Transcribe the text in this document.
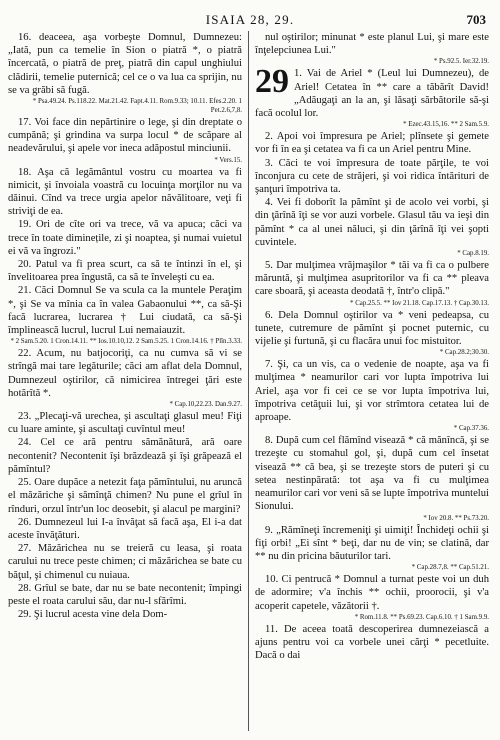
ISAIA 28, 29.	703

16. deaceea, aşa vorbeşte Domnul, Dumnezeu: „Iată, pun ca temelie în Sion o piatră *, o piatră încercată, o piatră de preţ, piatră din capul unghiului clădirii, temelie puternică; cel ce o va lua ca sprijin, nu se va grăbi să fugă.

* Psa.49.24. Ps.118.22. Mat.21.42. Fapt.4.11. Rom.9.33; 10.11. Efes.2.20. 1 Pet.2.6,7,8.

17. Voi face din nepărtinire o lege, şi din dreptate o cumpănă; şi grindina va surpa locul * de scăpare al neadevărului, şi apele vor ineca adăpostul minciunii.

* Vers.15.

18. Aşa că legământul vostru cu moartea va fi nimicit, şi învoiala voastră cu locuinţa morţilor nu va dăinui. Cînd va trece urgia apelor năvălitoare, veţi fi striviţi de ea.

19. Ori de cîte ori va trece, vă va apuca; căci va trece în toate diminețile, zi şi noaptea, şi numai vuietul ei vă va îngrozi."

20. Patul va fi prea scurt, ca să te întinzi în el, şi învelitoarea prea îngustă, ca să te înveleşti cu ea.

21. Căci Domnul Se va scula ca la muntele Peraţim *, şi Se va mînia ca în valea Gabaonului **, ca să-Şi facă lucrarea, lucrarea † Lui ciudată, ca să-Şi împlinească lucrul, lucrul Lui nemaiauzit.

* 2 Sam.5.20. 1 Cron.14.11. ** Ios.10.10,12. 2 Sam.5.25. 1 Cron.14.16. † Plîn.3.33.

22. Acum, nu batjocoriţi, ca nu cumva să vi se strîngă mai tare legăturile; căci am aflat dela Domnul, Dumnezeul oştirilor, că nimicirea întregei ţări este hotărîtă *.

* Cap.10,22.23. Dan.9.27.

23. „Plecaţi-vă urechea, şi ascultaţi glasul meu! Fiţi cu luare aminte, şi ascultaţi cuvîntul meu!

24. Cel ce ară pentru sămănătură, ară oare necontenit? Necontenit îşi brăzdează şi îşi grăpează el pămîntul?

25. Oare dupăce a netezit faţa pămîntului, nu aruncă el măzăriche şi sămînţă chimen? Nu pune el grîul în rînduri, orzul într'un loc deosebit, şi alacul pe margini?

26. Dumnezeul lui I-a învăţat să facă aşa, El i-a dat aceste învăţături.

27. Măzărichea nu se treieră cu leasa, şi roata carului nu trece peste chimen; ci măzărichea se bate cu băţul, şi chimenul cu nuiaua.

28. Grîul se bate, dar nu se bate necontenit; împingi peste el roata carului său, dar nu-l sfărîmi.

29. Şi lucrul acesta vine dela Dom-

nul oştirilor; minunat * este planul Lui, şi mare este înţelepciunea Lui."

* Ps.92.5. Ier.32.19.
29 1. Vai de Ariel * (Leul lui Dumnezeu), de Ariel! Cetatea în ** care a tăbărît David! „Adăugaţi an la an, şi lăsaţi sărbătorile să-şi facă ocolul lor.

* Ezec.43.15,16. ** 2 Sam.5.9.

2. Apoi voi împresura pe Ariel; plînsete şi gemete vor fi în ea şi cetatea va fi ca un Ariel pentru Mine.

3. Căci te voi împresura de toate părţile, te voi înconjura cu cete de străjeri, şi voi ridica întărituri de şanţuri împotriva ta.

4. Vei fi doborît la pămînt şi de acolo vei vorbi, şi din ţărînă îţi se vor auzi vorbele. Glasul tău va ieşi din pămînt * ca al unei năluci, şi din ţărînă îţi vei şopti cuvintele.

* Cap.8.19.

5. Dar mulţimea vrăjmaşilor * tăi va fi ca o pulbere măruntă, şi mulţimea asupritorilor va fi ca ** pleava care sboară, şi aceasta deodată †, într'o clipă."

* Cap.25.5. ** Iov 21.18. Cap.17.13. † Cap.30.13.

6. Dela Domnul oştirilor va * veni pedeapsa, cu tunete, cutremure de pămînt şi pocnet puternic, cu vijelie şi furtună, şi cu flacăra unui foc mistuitor.

* Cap.28.2;30.30.

7. Şi, ca un vis, ca o vedenie de noapte, aşa va fi mulţimea * neamurilor cari vor lupta împotriva lui Ariel, aşa vor fi cei ce se vor lupta împotriva lui, împotriva cetăţuii lui, şi vor strîmtora cetatea lui de aproape.

* Cap.37.36.

8. După cum cel flămînd visează * că mănîncă, şi se trezeşte cu stomahul gol, şi, după cum cel însetat visează ** că bea, şi se trezeşte stors de puteri şi cu setea nestinpărată: tot aşa va fi cu mulţimea neamurilor cari vor veni să se lupte împotriva muntelui Sionului.

* Iov 20.8. ** Ps.73.20.

9. „Rămîneţi încremeniţi şi uimiţi! Închideţi ochii şi fiţi orbi! „Ei sînt * beţi, dar nu de vin; se clatină, dar ** nu din pricina băuturilor tari.

* Cap.28.7,8. ** Cap.51.21.

10. Ci pentrucă * Domnul a turnat peste voi un duh de adormire; v'a închis ** ochii, proorocii, şi v'a acoperit capetele, văzătorii †.

* Rom.11.8. ** Ps.69.23. Cap.6.10. † 1 Sam.9.9.

11. De aceea toată descoperirea dumnezeiască a ajuns pentru voi ca vorbele unei cărţi * pecetluite. Dacă o dai
